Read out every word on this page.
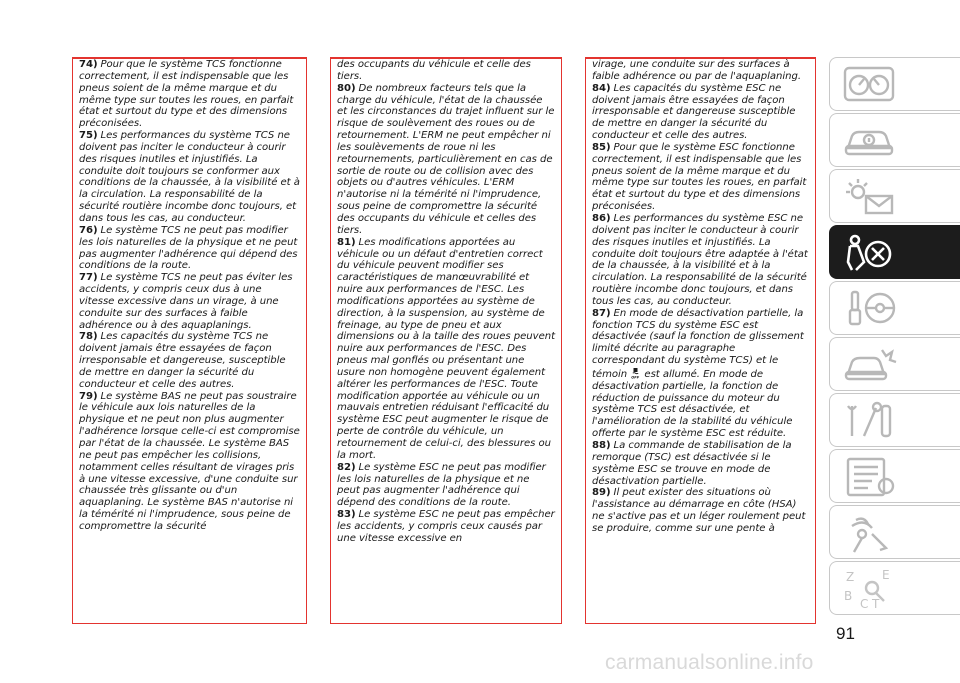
74) Pour que le système TCS fonctionne correctement, il est indispensable que les pneus soient de la même marque et du même type sur toutes les roues, en parfait état et surtout du type et des dimensions préconisées.

75) Les performances du système TCS ne doivent pas inciter le conducteur à courir des risques inutiles et injustifiés. La conduite doit toujours se conformer aux conditions de la chaussée, à la visibilité et à la circulation. La responsabilité de la sécurité routière incombe donc toujours, et dans tous les cas, au conducteur.

76) Le système TCS ne peut pas modifier les lois naturelles de la physique et ne peut pas augmenter l'adhérence qui dépend des conditions de la route.

77) Le système TCS ne peut pas éviter les accidents, y compris ceux dus à une vitesse excessive dans un virage, à une conduite sur des surfaces à faible adhérence ou à des aquaplanings.

78) Les capacités du système TCS ne doivent jamais être essayées de façon irresponsable et dangereuse, susceptible de mettre en danger la sécurité du conducteur et celle des autres.

79) Le système BAS ne peut pas soustraire le véhicule aux lois naturelles de la physique et ne peut non plus augmenter l'adhérence lorsque celle-ci est compromise par l'état de la chaussée. Le système BAS ne peut pas empêcher les collisions, notamment celles résultant de virages pris à une vitesse excessive, d'une conduite sur chaussée très glissante ou d'un aquaplaning. Le système BAS n'autorise ni la témérité ni l'imprudence, sous peine de compromettre la sécurité

des occupants du véhicule et celle des tiers.

80) De nombreux facteurs tels que la charge du véhicule, l'état de la chaussée et les circonstances du trajet influent sur le risque de soulèvement des roues ou de retournement. L'ERM ne peut empêcher ni les soulèvements de roue ni les retournements, particulièrement en cas de sortie de route ou de collision avec des objets ou d'autres véhicules. L'ERM n'autorise ni la témérité ni l'imprudence, sous peine de compromettre la sécurité des occupants du véhicule et celles des tiers.

81) Les modifications apportées au véhicule ou un défaut d'entretien correct du véhicule peuvent modifier ses caractéristiques de manœuvrabilité et nuire aux performances de l'ESC. Les modifications apportées au système de direction, à la suspension, au système de freinage, au type de pneu et aux dimensions ou à la taille des roues peuvent nuire aux performances de l'ESC. Des pneus mal gonflés ou présentant une usure non homogène peuvent également altérer les performances de l'ESC. Toute modification apportée au véhicule ou un mauvais entretien réduisant l'efficacité du système ESC peut augmenter le risque de perte de contrôle du véhicule, un retournement de celui-ci, des blessures ou la mort.

82) Le système ESC ne peut pas modifier les lois naturelles de la physique et ne peut pas augmenter l'adhérence qui dépend des conditions de la route.

83) Le système ESC ne peut pas empêcher les accidents, y compris ceux causés par une vitesse excessive en

virage, une conduite sur des surfaces à faible adhérence ou par de l'aquaplaning.

84) Les capacités du système ESC ne doivent jamais être essayées de façon irresponsable et dangereuse susceptible de mettre en danger la sécurité du conducteur et celle des autres.

85) Pour que le système ESC fonctionne correctement, il est indispensable que les pneus soient de la même marque et du même type sur toutes les roues, en parfait état et surtout du type et des dimensions préconisées.

86) Les performances du système ESC ne doivent pas inciter le conducteur à courir des risques inutiles et injustifiés. La conduite doit toujours être adaptée à l'état de la chaussée, à la visibilité et à la circulation. La responsabilité de la sécurité routière incombe donc toujours, et dans tous les cas, au conducteur.

87) En mode de désactivation partielle, la fonction TCS du système ESC est désactivée (sauf la fonction de glissement limité décrite au paragraphe correspondant du système TCS) et le témoin OFF est allumé. En mode de désactivation partielle, la fonction de réduction de puissance du moteur du système TCS est désactivée, et l'amélioration de la stabilité du véhicule offerte par le système ESC est réduite.

88) La commande de stabilisation de la remorque (TSC) est désactivée si le système ESC se trouve en mode de désactivation partielle.

89) Il peut exister des situations où l'assistance au démarrage en côte (HSA) ne s'active pas et un léger roulement peut se produire, comme sur une pente à

Z E
B
C T
91
carmanualsonline.info
